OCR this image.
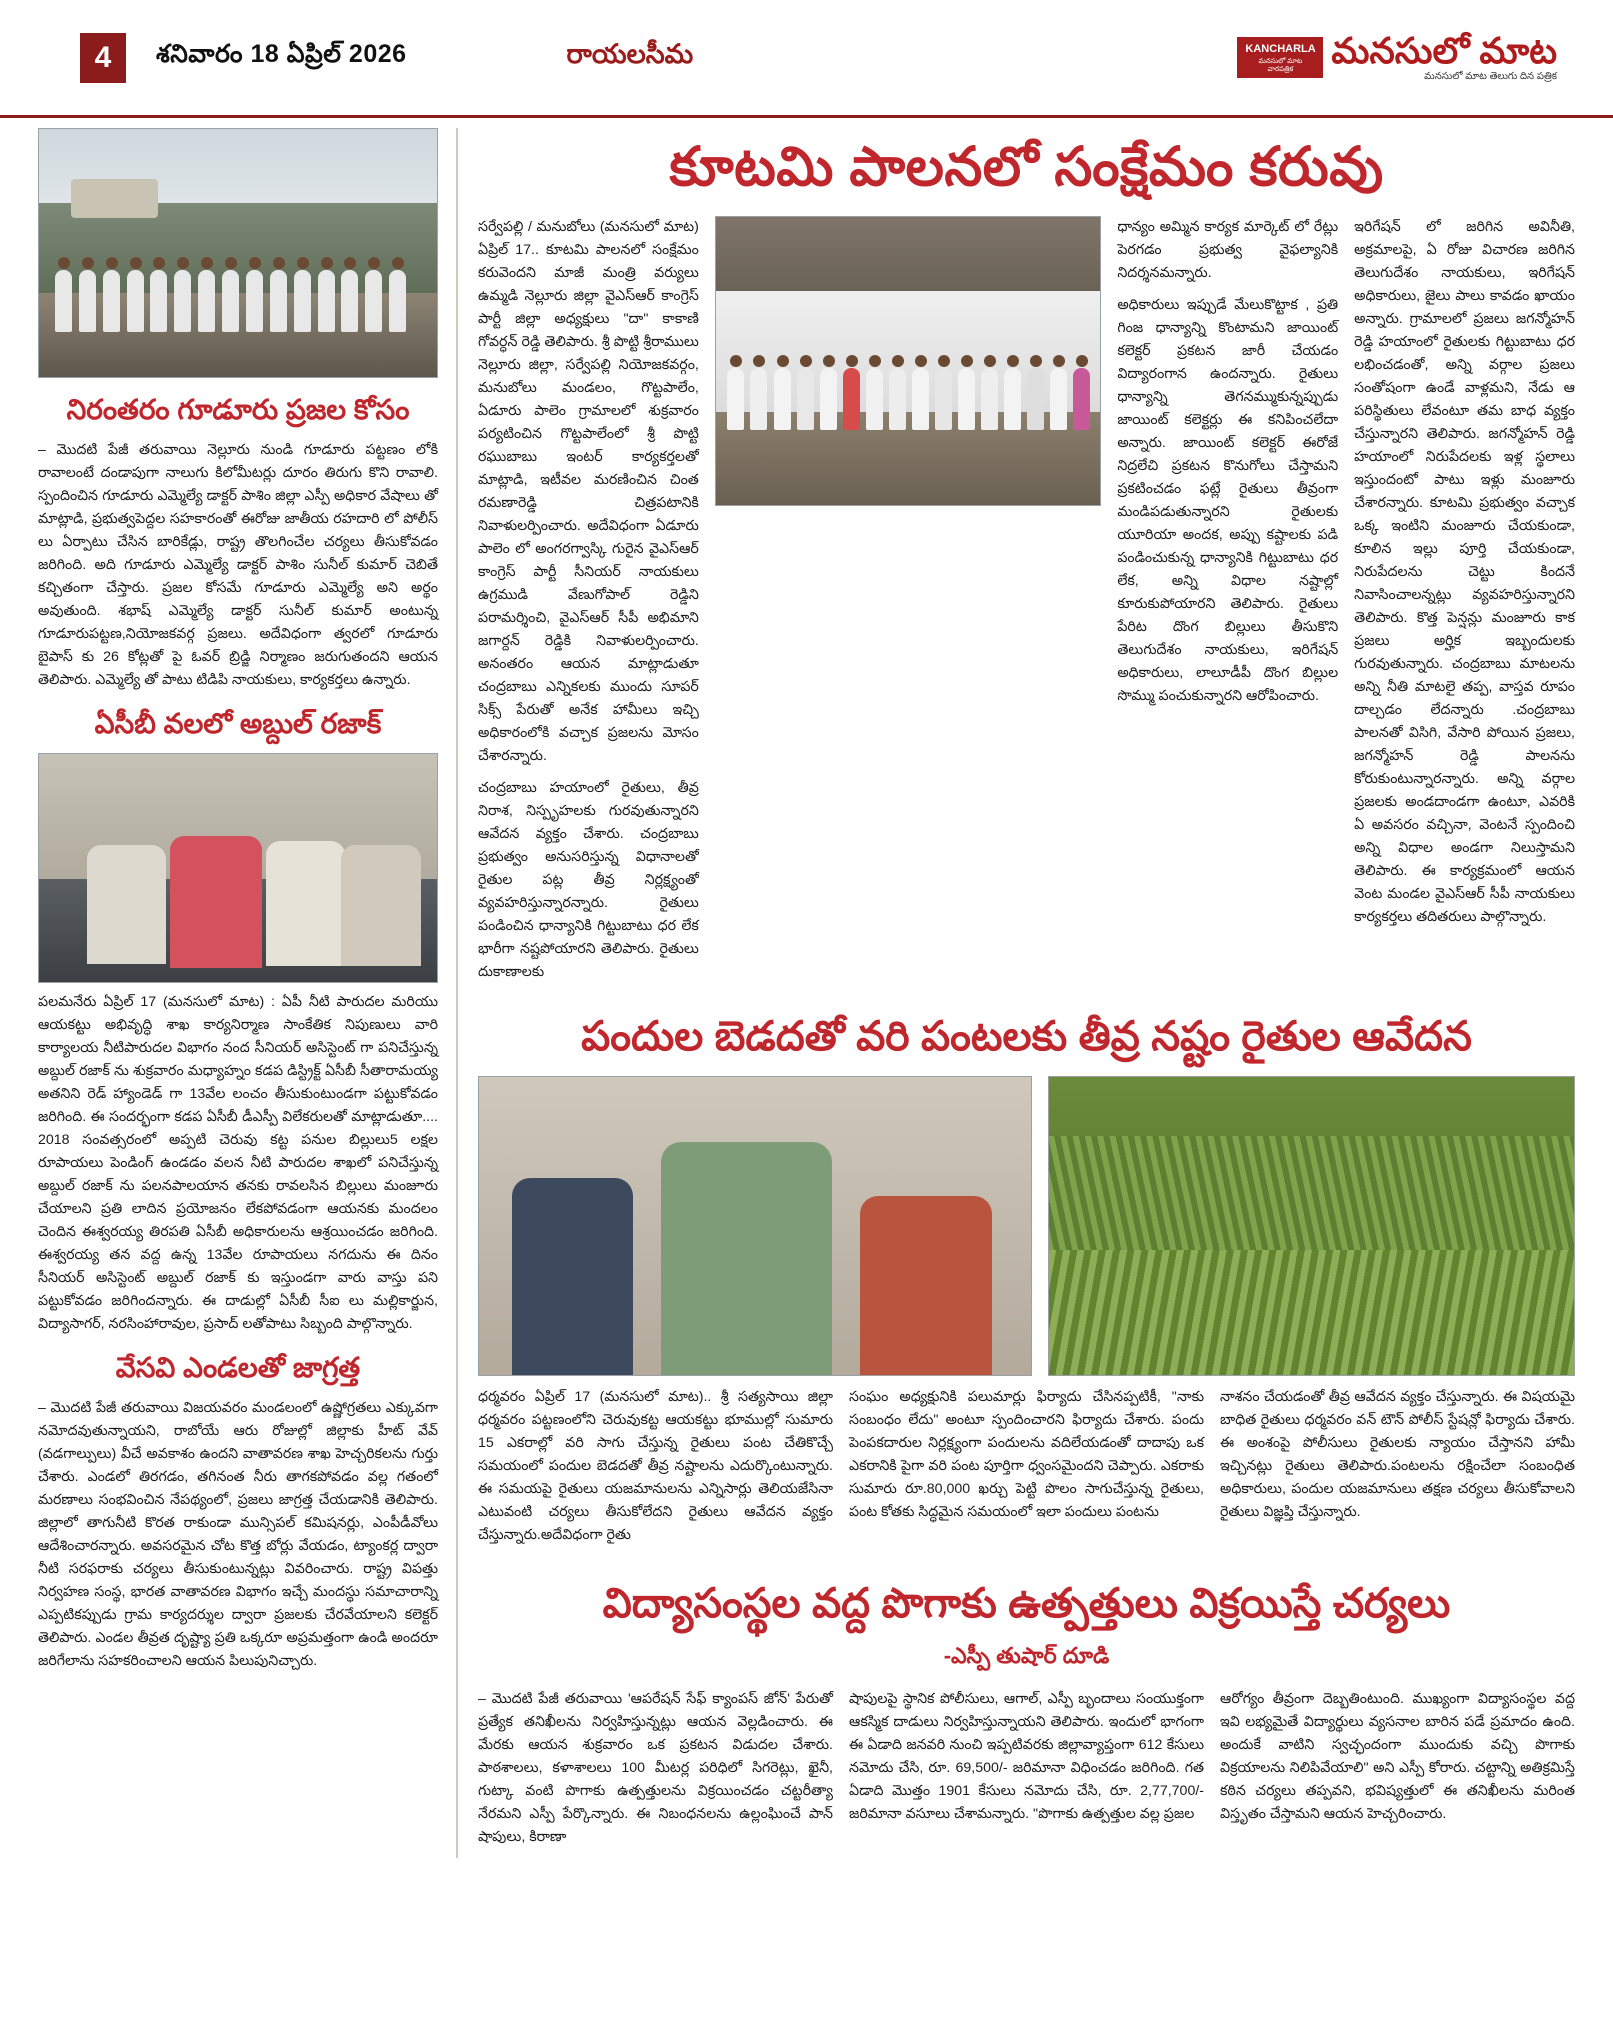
4	శనివారం 18 ఏప్రిల్ 2026	రాయలసీమ	KANCHARLA
మనసులో మాట వారపత్రిక	మనసులో మాట
మనసులో మాట తెలుగు దిన పత్రిక
నిరంతరం గూడూరు ప్రజల కోసం

– మొదటి పేజీ తరువాయి నెల్లూరు నుండి గూడూరు పట్టణం లోకి రావాలంటే దండాపుగా నాలుగు కిలోమీటర్లు దూరం తిరుగు కొని రావాలి. స్పందించిన గూడూరు ఎమ్మెల్యే డాక్టర్ పాశిం జిల్లా ఎస్పీ అధికార వేషాలు తో మాట్లాడి, ప్రభుత్వపెద్దల సహకారంతో ఈరోజు జాతీయ రహదారి లో పోలీస్ లు ఏర్పాటు చేసిన బారికేడ్లు, రాష్ట్ర తొలగించేల చర్యలు తీసుకోవడం జరిగింది. అది గూడూరు ఎమ్మెల్యే డాక్టర్ పాశిం సునీల్ కుమార్ చెబితే కచ్చితంగా చేస్తారు. ప్రజల కోసమే గూడూరు ఎమ్మెల్యే అని అర్థం అవుతుంది. శభాష్ ఎమ్మెల్యే డాక్టర్ సునీల్ కుమార్ అంటున్న గూడూరుపట్టణ,నియోజకవర్గ ప్రజలు. అదేవిధంగా త్వరలో గూడూరు బైపాస్ కు 26 కోట్లతో పై ఓవర్ బ్రిడ్జి నిర్మాణం జరుగుతందని ఆయన తెలిపారు. ఎమ్మెల్యే తో పాటు టిడిపి నాయకులు, కార్యకర్తలు ఉన్నారు.

ఏసీబీ వలలో అబ్దుల్ రజాక్

పలమనేరు ఏప్రిల్ 17 (మనసులో మాట) : ఏపీ నీటి పారుదల మరియు ఆయకట్టు అభివృద్ధి శాఖ కార్యనిర్మాణ సాంకేతిక నిపుణులు వారి కార్యాలయ నీటిపారుదల విభాగం నంద సీనియర్ అసిస్టెంట్ గా పనిచేస్తున్న అబ్దుల్ రజాక్ ను శుక్రవారం మధ్యాహ్నం కడప డిస్ట్రిక్ట్ ఏసీబీ సీతారామయ్య అతనిని రెడ్ హ్యాండెడ్ గా 13వేల లంచం తీసుకుంటుండగా పట్టుకోవడం జరిగింది. ఈ సందర్భంగా కడప ఏసీబీ డీఎస్పీ విలేకరులతో మాట్లాడుతూ.... 2018 సంవత్సరంలో అప్పటి చెరువు కట్ట పనుల బిల్లులు5 లక్షల రూపాయలు పెండింగ్ ఉండడం వలన నీటి పారుదల శాఖలో పనిచేస్తున్న అబ్దుల్ రజాక్ ను పలనపాలయాన తనకు రావలసిన బిల్లులు మంజూరు చేయాలని ప్రతి లాదిన ప్రయోజనం లేకపోవడంగా ఆయనకు మందలం చెందిన ఈశ్వరయ్య తిరపతి ఏసీబీ అధికారులను ఆశ్రయించడం జరిగింది. ఈశ్వరయ్య తన వద్ద ఉన్న 13వేల రూపాయలు నగదును ఈ దినం సీనియర్ అసిస్టెంట్ అబ్దుల్ రజాక్ కు ఇస్తుండగా వారు వాస్తు పని పట్టుకోవడం జరిగిందన్నారు. ఈ దాడుల్లో ఏసీబీ సీఐ లు మల్లికార్జున, విద్యాసాగర్, నరసింహారావుల, ప్రసాద్ లతోపాటు సిబ్బంది పాల్గొన్నారు.

వేసవి ఎండలతో జాగ్రత్త

– మొదటి పేజీ తరువాయి విజయవరం మండలంలో ఉష్ణోగ్రతలు ఎక్కువగా నమోదవుతున్నాయని, రాబోయే ఆరు రోజుల్లో జిల్లాకు హీట్ వేవ్ (వడగాల్పులు) వీచే అవకాశం ఉందని వాతావరణ శాఖ హెచ్చరికలను గుర్తు చేశారు. ఎండలో తిరగడం, తగినంత నీరు తాగకపోవడం వల్ల గతంలో మరణాలు సంభవించిన నేపథ్యంలో, ప్రజలు జాగ్రత్త చేయడానికి తెలిపారు. జిల్లాలో తాగునీటి కొరత రాకుండా మున్సిపల్ కమిషనర్లు, ఎంపీడీవోలు ఆదేశించారన్నారు. అవసరమైన చోట కొత్త బోర్లు వేయడం, ట్యాంకర్ల ద్వారా నీటి సరఫరాకు చర్యలు తీసుకుంటున్నట్లు వివరించారు. రాష్ట్ర విపత్తు నిర్వహణ సంస్థ, భారత వాతావరణ విభాగం ఇచ్చే మందస్థు సమాచారాన్ని ఎప్పటికప్పుడు గ్రామ కార్యదర్శుల ద్వారా ప్రజలకు చేరవేయాలని కలెక్టర్ తెలిపారు. ఎండల తీవ్రత దృష్ట్యా ప్రతి ఒక్కరూ అప్రమత్తంగా ఉండి అందరూ జరిగేలాను సహకరించాలని ఆయన పిలుపునిచ్చారు.

కూటమి పాలనలో సంక్షేమం కరువు

సర్వేపల్లి / మనుబోలు (మనసులో మాట) ఏప్రిల్ 17.. కూటమి పాలనలో సంక్షేమం కరువెందని మాజీ మంత్రి వర్యులు ఉమ్మడి నెల్లూరు జిల్లా వైఎస్ఆర్ కాంగ్రెస్ పార్టీ జిల్లా అధ్యక్షులు "దా" కాకాణి గోవర్ధన్ రెడ్డి తెలిపారు. శ్రీ పొట్టి శ్రీరాములు నెల్లూరు జిల్లా, సర్వేపల్లి నియోజకవర్గం, మనుబోలు మండలం, గొట్టపాలేం, ఏడూరు పాలెం గ్రామాలలో శుక్రవారం పర్యటించిన గొట్టపాలేంలో శ్రీ పొట్టి రఘుబాబు ఇంటర్ కార్యకర్తలతో మాట్లాడి, ఇటీవల మరణించిన చింత రమణారెడ్డి చిత్రపటానికి నివాళులర్పించారు. అదేవిధంగా ఏడూరు పాలెం లో అంగరగ్వాస్కి గురైన వైఎస్ఆర్ కాంగ్రెస్ పార్టీ సీనియర్ నాయకులు ఉగ్రముడి వేణుగోపాల్ రెడ్డిని పరామర్శించి, వైఎస్ఆర్ సీపీ అభిమాని జగార్దన్ రెడ్డికి నివాళులర్పించారు. అనంతరం ఆయన మాట్లాడుతూ చంద్రబాబు ఎన్నికలకు ముందు సూపర్ సిక్స్ పేరుతో అనేక హామీలు ఇచ్చి అధికారంలోకి వచ్చాక ప్రజలను మోసం చేశారన్నారు.

చంద్రబాబు హయాంలో రైతులు, తీవ్ర నిరాశ, నిస్పృహలకు గురవుతున్నారని ఆవేదన వ్యక్తం చేశారు. చంద్రబాబు ప్రభుత్వం అనుసరిస్తున్న విధానాలతో రైతుల పట్ల తీవ్ర నిర్లక్ష్యంతో వ్యవహరిస్తున్నారన్నారు. రైతులు పండించిన ధాన్యానికి గిట్టుబాటు ధర లేక భారీగా నష్టపోయారని తెలిపారు. రైతులు దుకాణాలకు

ధాన్యం అమ్మిన కార్యక మార్కెట్ లో రేట్లు పెరగడం ప్రభుత్వ వైఫల్యానికి నిదర్శనమన్నారు.

అధికారులు ఇప్పుడే మేలుకొట్టాక , ప్రతి గింజ ధాన్యాన్ని కొంటామని జాయింట్ కలెక్టర్ ప్రకటన జారీ చేయడం విద్యారంగాన ఉందన్నారు. రైతులు ధాన్యాన్ని తెగనమ్ముకున్నప్పుడు జాయింట్ కలెక్టర్లు ఈ కనిపించలేదా అన్నారు. జాయింట్ కలెక్టర్ ఈరోజే నిద్రలేచి ప్రకటన కొనుగోలు చేస్తామని ప్రకటించడం ఫట్లే రైతులు తీవ్రంగా మండిపడుతున్నారని రైతులకు యూరియా అందక, అప్పు కష్టాలకు పడి పండించుకున్న ధాన్యానికి గిట్టుబాటు ధర లేక, అన్ని విధాల నష్టాల్లో కూరుకుపోయారని తెలిపారు. రైతులు పేరిట దొంగ బిల్లులు తీసుకొని తెలుగుదేశం నాయకులు, ఇరిగేషన్ అధికారులు, లాలూడీపీ దొంగ బిల్లుల సొమ్ము పంచుకున్నారని ఆరోపించారు.

ఇరిగేషన్ లో జరిగిన అవినీతి, అక్రమాలపై, ఏ రోజు విచారణ జరిగిన తెలుగుదేశం నాయకులు, ఇరిగేషన్ అధికారులు, జైలు పాలు కావడం ఖాయం అన్నారు. గ్రామాలలో ప్రజలు జగన్మోహన్ రెడ్డి హయాంలో రైతులకు గిట్టుబాటు ధర లభించడంతో, అన్ని వర్గాల ప్రజలు సంతోషంగా ఉండే వాళ్లమని, నేడు ఆ పరిస్థితులు లేవంటూ తమ బాధ వ్యక్తం చేస్తున్నారని తెలిపారు. జగన్మోహన్ రెడ్డి హయాంలో నిరుపేదలకు ఇళ్ల స్థలాలు ఇస్తుందంటో పాటు ఇళ్లు మంజూరు చేశారన్నారు. కూటమి ప్రభుత్వం వచ్చాక ఒక్క ఇంటిని మంజూరు చేయకుండా, కూలిన ఇల్లు పూర్తి చేయకుండా, నిరుపేదలను చెట్టు కిందనే నివాసించాలన్నట్లు వ్యవహరిస్తున్నారని తెలిపారు. కొత్త పెన్షన్లు మంజూరు కాక ప్రజలు అర్హిక ఇబ్బందులకు గురవుతున్నారు. చంద్రబాబు మాటలను అన్ని నీతి మాటలై తప్ప, వాస్తవ రూపం దాల్చడం లేదన్నారు .చంద్రబాబు పాలనతో విసిగి, వేసారి పోయిన ప్రజలు, జగన్మోహన్ రెడ్డి పాలనను కోరుకుంటున్నారన్నారు. అన్ని వర్గాల ప్రజలకు అండదాండగా ఉంటూ, ఎవరికి ఏ అవసరం వచ్చినా, వెంటనే స్పందించి అన్ని విధాల అండగా నిలుస్తామని తెలిపారు. ఈ కార్యక్రమంలో ఆయన వెంట మండల వైఎస్ఆర్ సీపీ నాయకులు కార్యకర్తలు తదితరులు పాల్గొన్నారు.

పందుల బెడదతో వరి పంటలకు తీవ్ర నష్టం రైతుల ఆవేదన

ధర్మవరం ఏప్రిల్ 17 (మనసులో మాట).. శ్రీ సత్యసాయి జిల్లా ధర్మవరం పట్టణంలోని చెరువుకట్ట ఆయకట్టు భూముల్లో సుమారు 15 ఎకరాల్లో వరి సాగు చేస్తున్న రైతులు పంట చేతికొచ్చే సమయంలో పందుల బెడదతో తీవ్ర నష్టాలను ఎదుర్కొంటున్నారు. ఈ సమయపై రైతులు యజమానులను ఎన్నిసార్లు తెలియజేసినా ఎటువంటి చర్యలు తీసుకోలేదని రైతులు ఆవేదన వ్యక్తం చేస్తున్నారు.అదేవిధంగా రైతు

సంఘం అధ్యక్షునికి పలుమార్లు ఫిర్యాదు చేసినప్పటికీ, "నాకు సంబంధం లేదు" అంటూ స్పందించారని ఫిర్యాదు చేశారు. పందు పెంపకదారుల నిర్లక్ష్యంగా పందులను వదిలేయడంతో దాదాపు ఒక ఎకరానికి పైగా వరి పంట పూర్తిగా ధ్వంసమైందని చెప్పారు. ఎకరాకు సుమారు రూ.80,000 ఖర్చు పెట్టి పొలం సాగుచేస్తున్న రైతులు, పంట కోతకు సిద్ధమైన సమయంలో ఇలా పందులు పంటను

నాశనం చేయడంతో తీవ్ర ఆవేదన వ్యక్తం చేస్తున్నారు. ఈ విషయమై బాధిత రైతులు ధర్మవరం వన్ టౌన్ పోలీస్ స్టేషన్లో ఫిర్యాదు చేశారు. ఈ అంశంపై పోలీసులు రైతులకు న్యాయం చేస్తానని హామీ ఇచ్చినట్లు రైతులు తెలిపారు.పంటలను రక్షించేలా సంబంధిత అధికారులు, పందుల యజమానులు తక్షణ చర్యలు తీసుకోవాలని రైతులు విజ్ఞప్తి చేస్తున్నారు.

విద్యాసంస్థల వద్ద పొగాకు ఉత్పత్తులు విక్రయిస్తే చర్యలు
-ఎస్పీ తుషార్ దూడి

– మొదటి పేజీ తరువాయి 'ఆపరేషన్ సేఫ్ క్యాంపస్ జోన్' పేరుతో ప్రత్యేక తనిఖీలను నిర్వహిస్తున్నట్లు ఆయన వెల్లడించారు. ఈ మేరకు ఆయన శుక్రవారం ఒక ప్రకటన విడుదల చేశారు. పాఠశాలలు, కళాశాలలు 100 మీటర్ల పరిధిలో సిగరెట్లు, ఖైనీ, గుట్కా వంటి పొగాకు ఉత్పత్తులను విక్రయించడం చట్టరీత్యా నేరమని ఎస్పీ పేర్కొన్నారు. ఈ నిబంధనలను ఉల్లంఘించే పాన్ షాపులు, కిరాణా

షాపులపై స్థానిక పోలీసులు, ఆగాల్, ఎస్పీ బృందాలు సంయుక్తంగా ఆకస్మిక దాడులు నిర్వహిస్తున్నాయని తెలిపారు. ఇందులో భాగంగా ఈ ఏడాది జనవరి నుంచి ఇప్పటివరకు జిల్లావ్యాప్తంగా 612 కేసులు నమోదు చేసి, రూ. 69,500/- జరిమానా విధించడం జరిగింది. గత ఏడాది మొత్తం 1901 కేసులు నమోదు చేసి, రూ. 2,77,700/- జరిమానా వసూలు చేశామన్నారు. "పొగాకు ఉత్పత్తుల వల్ల ప్రజల

ఆరోగ్యం తీవ్రంగా దెబ్బతింటుంది. ముఖ్యంగా విద్యాసంస్థల వద్ద ఇవి లభ్యమైతే విద్యార్థులు వ్యసనాల బారిన పడే ప్రమాదం ఉంది. అందుకే వాటిని స్వచ్ఛందంగా ముందుకు వచ్చి పొగాకు విక్రయాలను నిలిపివేయాలి" అని ఎస్పీ కోరారు. చట్టాన్ని అతిక్రమిస్తే కఠిన చర్యలు తప్పవని, భవిష్యత్తులో ఈ తనిఖీలను మరింత విస్తృతం చేస్తామని ఆయన హెచ్చరించారు.
